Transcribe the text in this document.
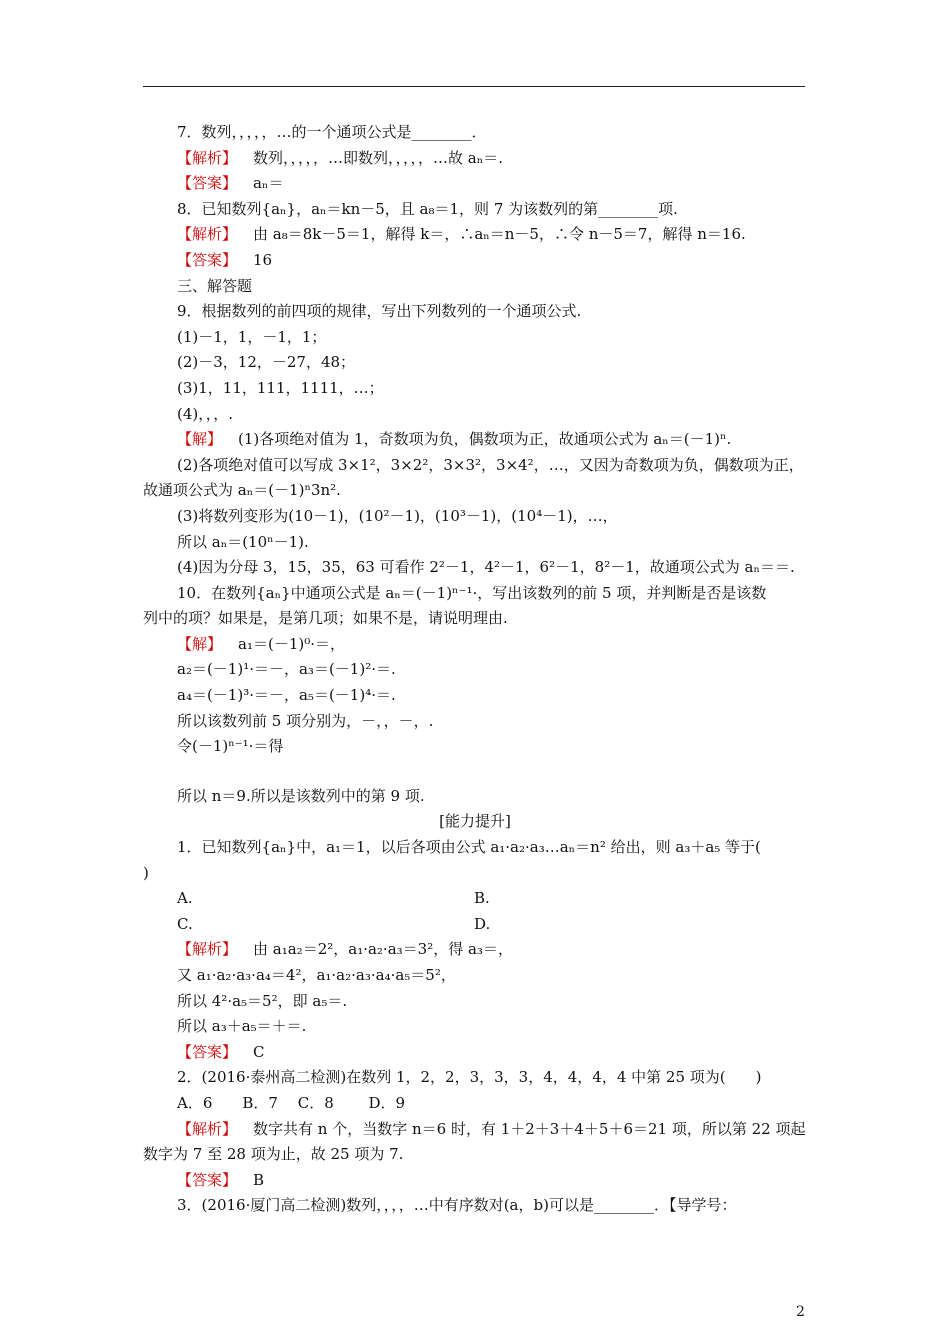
7．数列，，，，，…的一个通项公式是________．
【解析】 数列，，，，，…即数列，，，，，…故 aₙ＝.
【答案】 aₙ＝
8．已知数列{aₙ}，aₙ＝kn－5，且 a₈＝1，则 7 为该数列的第________项.
【解析】 由 a₈＝8k－5＝1，解得 k＝，∴aₙ＝n－5，∴令 n－5＝7，解得 n＝16.
【答案】 16
三、解答题
9．根据数列的前四项的规律，写出下列数列的一个通项公式.
(1)－1，1，－1，1；
(2)－3，12，－27，48；
(3)1，11，111，1111，…；
(4)，，，.
【解】 (1)各项绝对值为 1，奇数项为负，偶数项为正，故通项公式为 aₙ＝(－1)ⁿ.
(2)各项绝对值可以写成 3×1²，3×2²，3×3²，3×4²，…，又因为奇数项为负，偶数项为正，
故通项公式为 aₙ＝(－1)ⁿ3n².
(3)将数列变形为(10－1)，(10²－1)，(10³－1)，(10⁴－1)，…，
所以 aₙ＝(10ⁿ－1).
(4)因为分母 3，15，35，63 可看作 2²－1，4²－1，6²－1，8²－1，故通项公式为 aₙ＝＝.
10．在数列{aₙ}中通项公式是 aₙ＝(－1)ⁿ⁻¹·，写出该数列的前 5 项，并判断是否是该数
列中的项？如果是，是第几项；如果不是，请说明理由.
【解】 a₁＝(－1)⁰·＝，
a₂＝(－1)¹·＝－，a₃＝(－1)²·＝.
a₄＝(－1)³·＝－，a₅＝(－1)⁴·＝.
所以该数列前 5 项分别为，－，，－，.
令(－1)ⁿ⁻¹·＝得
所以 n＝9.所以是该数列中的第 9 项.
[能力提升]
1．已知数列{aₙ}中，a₁＝1，以后各项由公式 a₁·a₂·a₃…aₙ＝n² 给出，则 a₃＋a₅ 等于(
)
A.	B.
C.	D.
【解析】 由 a₁a₂＝2²，a₁·a₂·a₃＝3²，得 a₃＝，
又 a₁·a₂·a₃·a₄＝4²，a₁·a₂·a₃·a₄·a₅＝5²，
所以 4²·a₅＝5²，即 a₅＝.
所以 a₃＋a₅＝＋＝.
【答案】 C
2．(2016·泰州高二检测)在数列 1，2，2，3，3，3，4，4，4，4 中第 25 项为(　　)
A．6　　B．7　 C．8　　 D．9
【解析】 数字共有 n 个，当数字 n＝6 时，有 1＋2＋3＋4＋5＋6＝21 项，所以第 22 项起
数字为 7 至 28 项为止，故 25 项为 7.
【答案】 B
3．(2016·厦门高二检测)数列，，，，…中有序数对(a，b)可以是________．【导学号：
2
